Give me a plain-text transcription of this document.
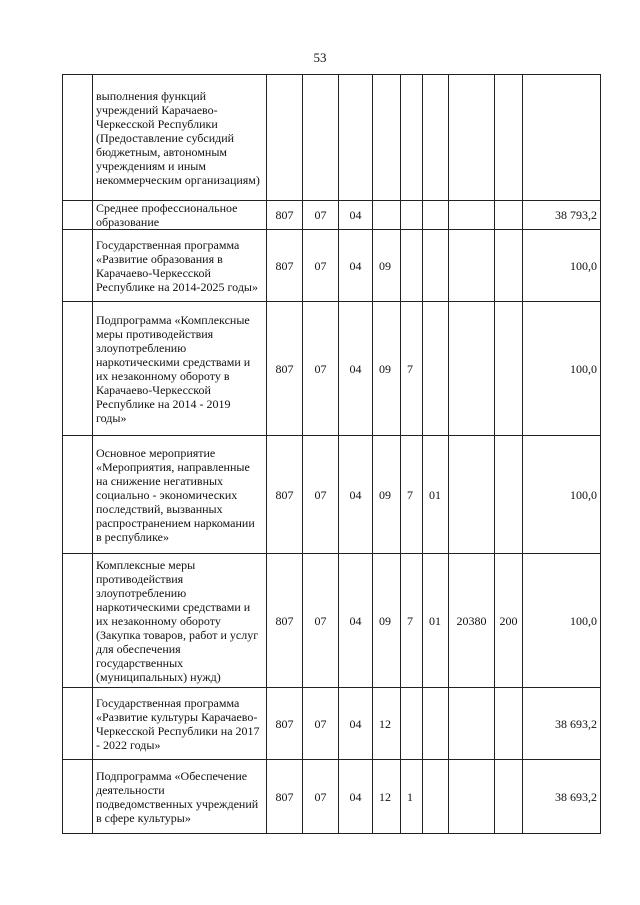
53
	выполнения функций учреждений Карачаево-Черкесской Республики (Предоставление субсидий бюджетным, автономным учреждениям и иным некоммерческим организациям)									
	Среднее профессиональное образование	807	07	04						38 793,2
	Государственная программа «Развитие образования в Карачаево-Черкесской Республике на 2014-2025 годы»	807	07	04	09					100,0
	Подпрограмма «Комплексные меры противодействия злоупотреблению наркотическими средствами и их незаконному обороту в Карачаево-Черкесской Республике на 2014 - 2019 годы»	807	07	04	09	7				100,0
	Основное мероприятие «Мероприятия, направленные на снижение негативных социально - экономических последствий, вызванных распространением наркомании в республике»	807	07	04	09	7	01			100,0
	Комплексные меры противодействия злоупотреблению наркотическими средствами и их незаконному обороту (Закупка товаров, работ и услуг для обеспечения государственных (муниципальных) нужд)	807	07	04	09	7	01	20380	200	100,0
	Государственная программа «Развитие культуры Карачаево-Черкесской Республики на 2017 - 2022 годы»	807	07	04	12					38 693,2
	Подпрограмма «Обеспечение деятельности подведомственных учреждений в сфере культуры»	807	07	04	12	1				38 693,2
